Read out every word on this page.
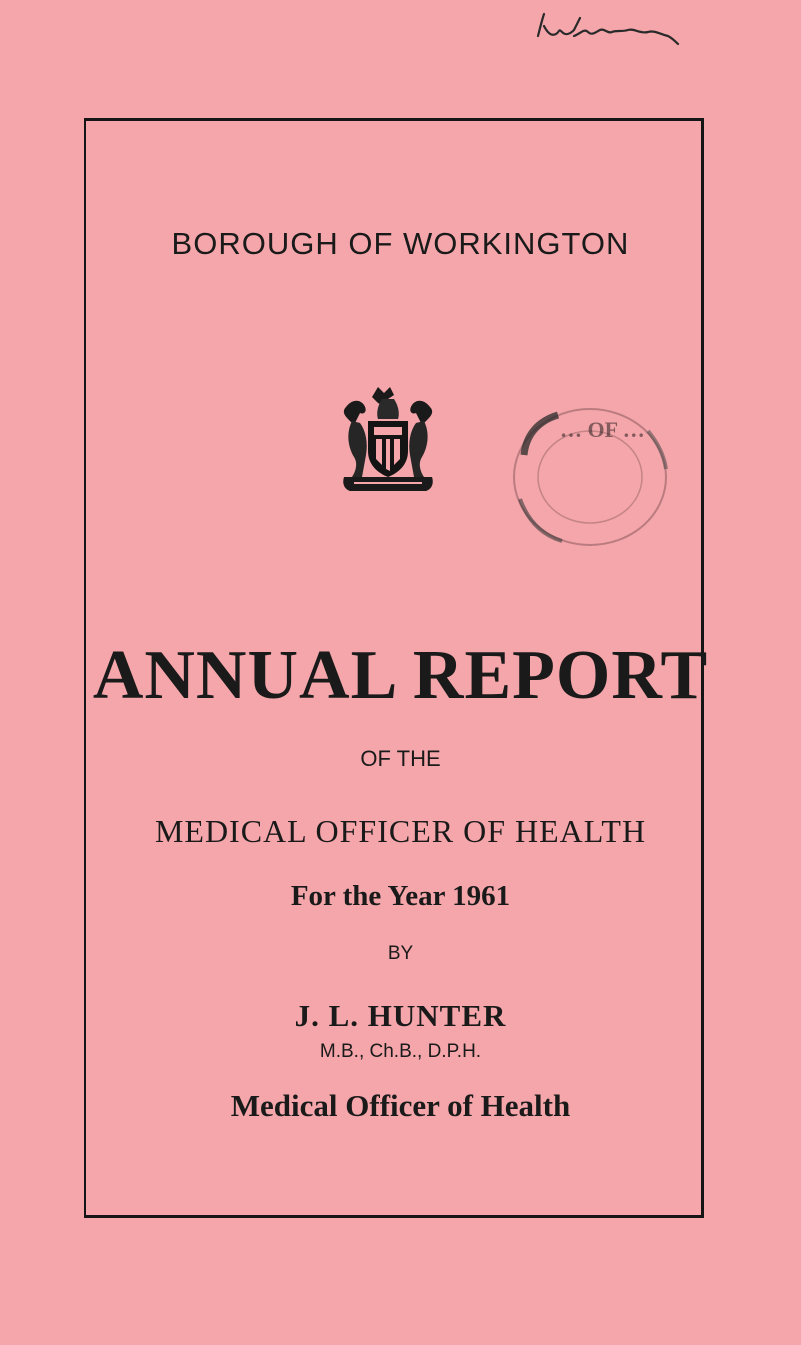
BOROUGH OF WORKINGTON
… OF …
ANNUAL REPORT
OF THE
MEDICAL OFFICER OF HEALTH
For the Year 1961
BY
J. L. HUNTER
M.B., Ch.B., D.P.H.
Medical Officer of Health
